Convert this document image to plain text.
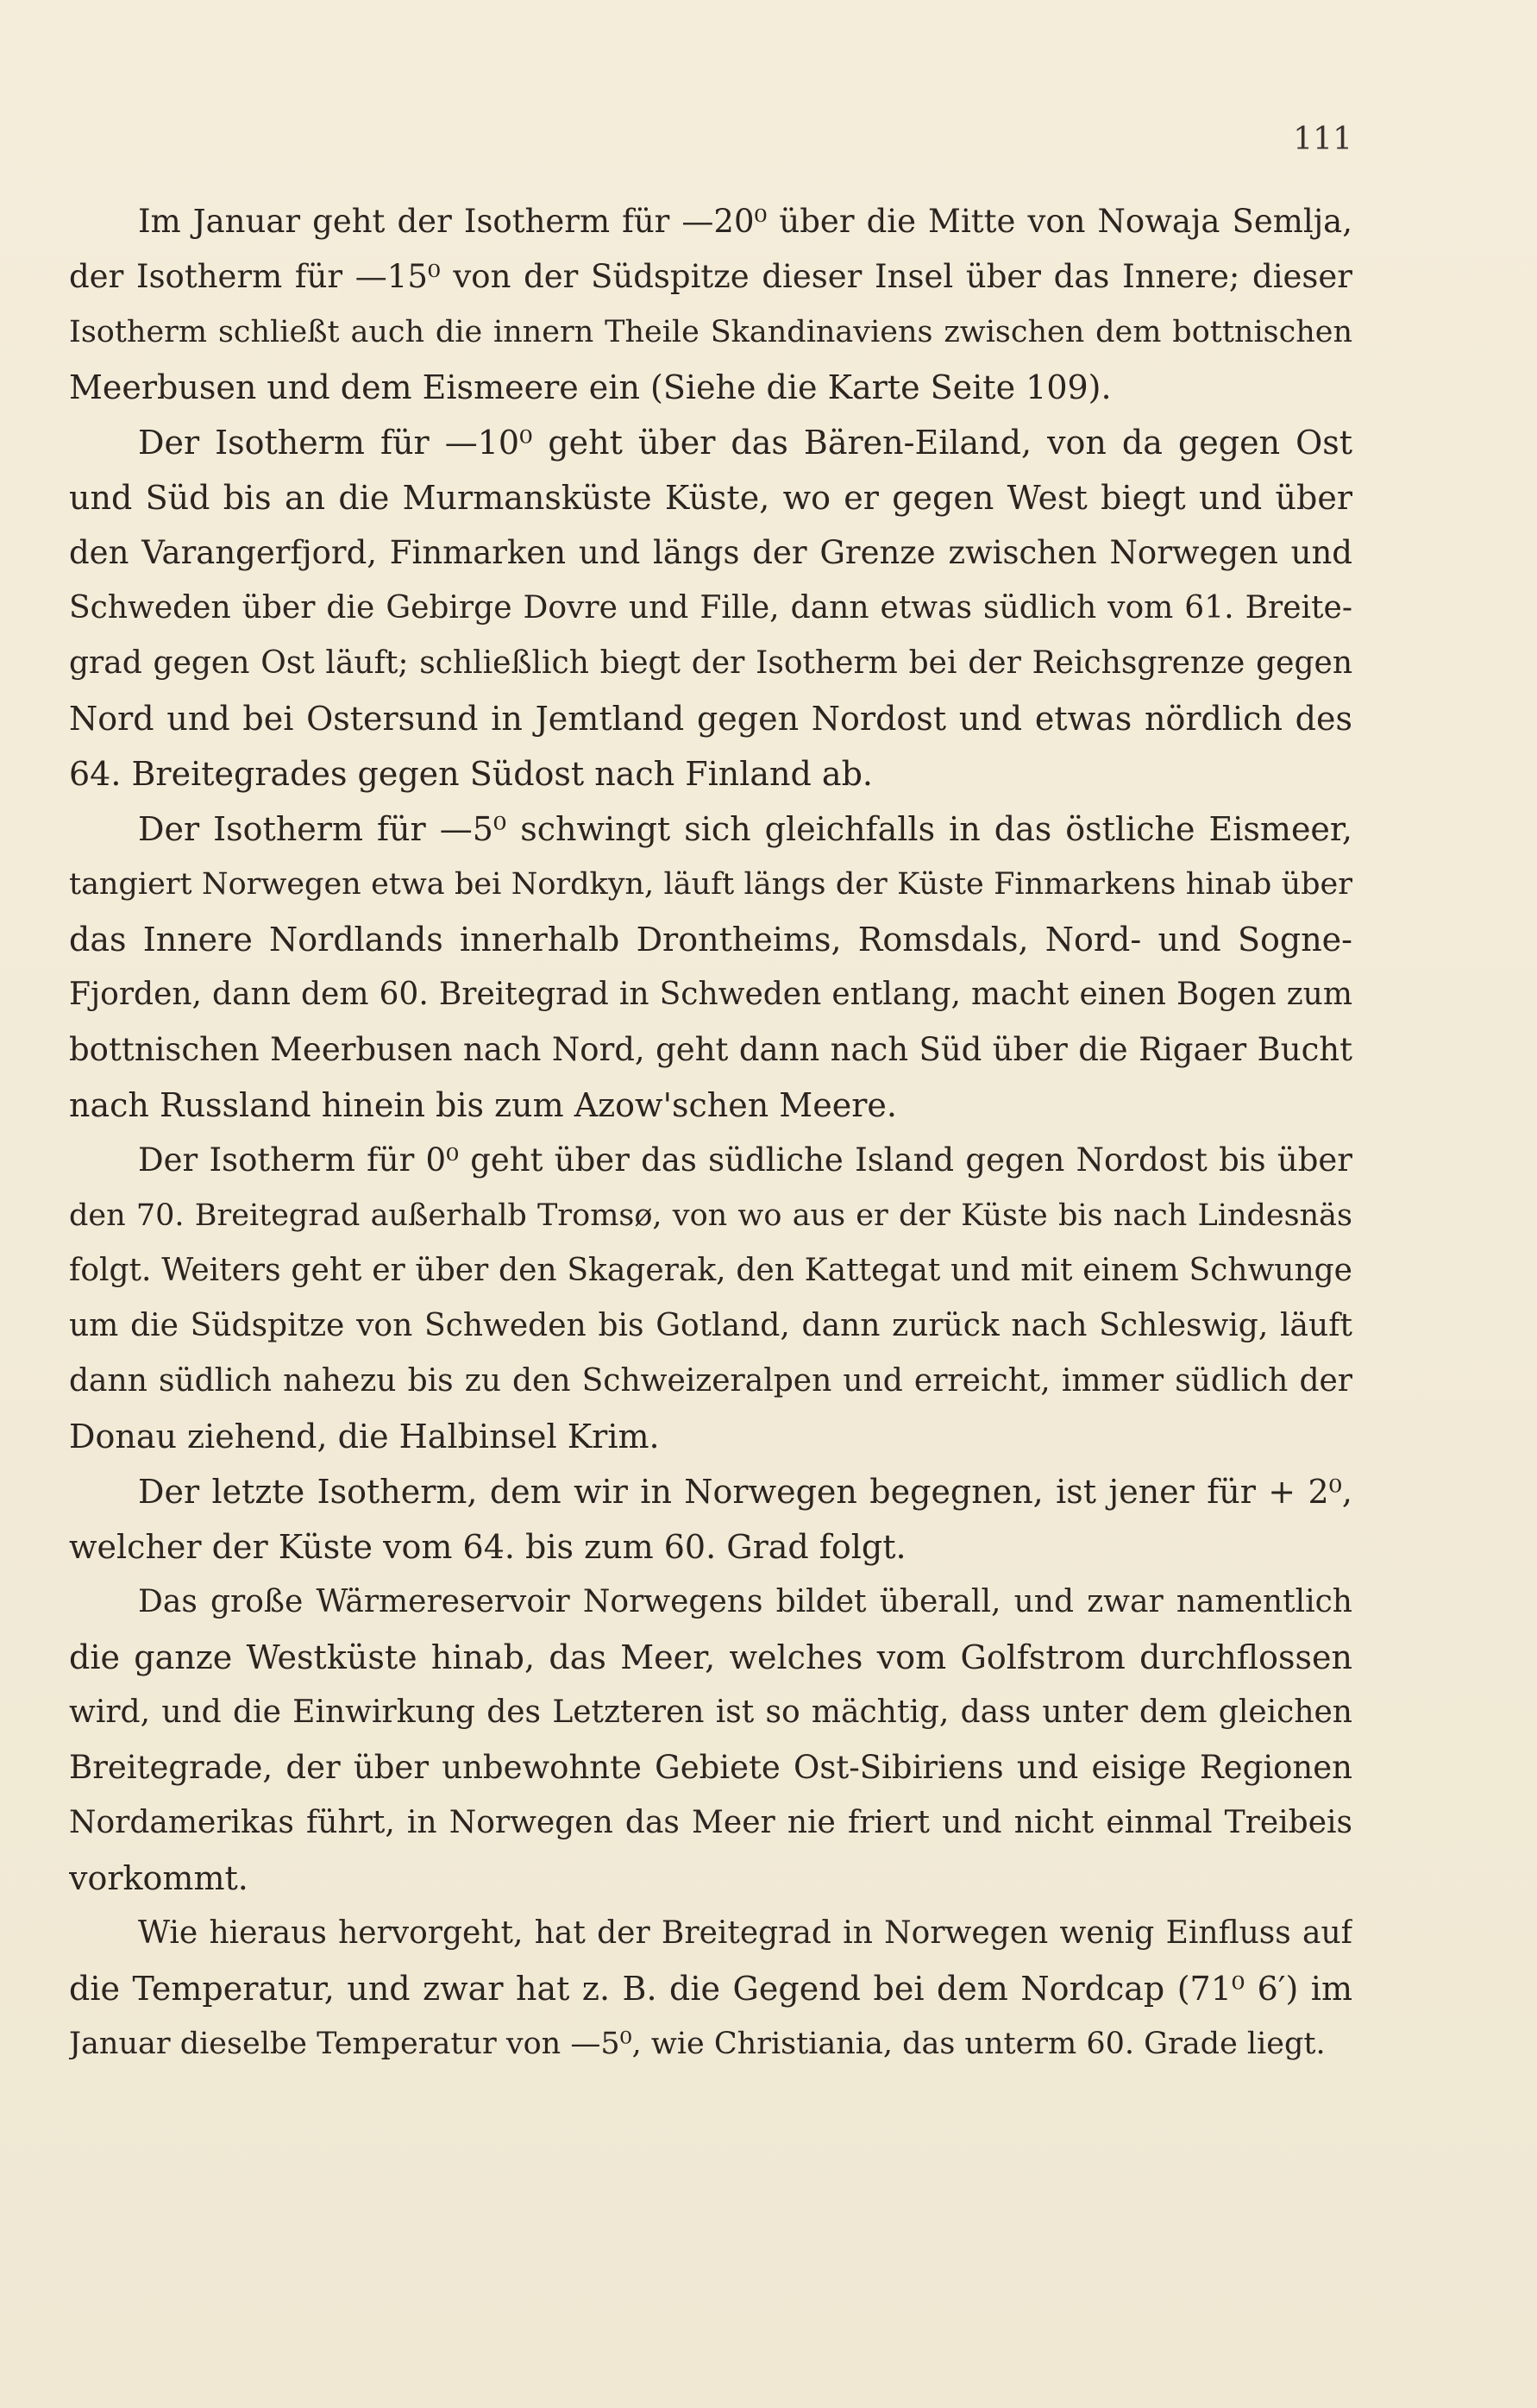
111

Im Januar geht der Isotherm für —20⁰ über die Mitte von Nowaja Semlja,
der Isotherm für —15⁰ von der Südspitze dieser Insel über das Innere; dieser
Isotherm schließt auch die innern Theile Skandinaviens zwischen dem bottnischen
Meerbusen und dem Eismeere ein (Siehe die Karte Seite 109).

Der Isotherm für —10⁰ geht über das Bären-Eiland, von da gegen Ost
und Süd bis an die Murmansküste Küste, wo er gegen West biegt und über
den Varangerfjord, Finmarken und längs der Grenze zwischen Norwegen und
Schweden über die Gebirge Dovre und Fille, dann etwas südlich vom 61. Breite-
grad gegen Ost läuft; schließlich biegt der Isotherm bei der Reichsgrenze gegen
Nord und bei Ostersund in Jemtland gegen Nordost und etwas nördlich des
64. Breitegrades gegen Südost nach Finland ab.

Der Isotherm für —5⁰ schwingt sich gleichfalls in das östliche Eismeer,
tangiert Norwegen etwa bei Nordkyn, läuft längs der Küste Finmarkens hinab über
das Innere Nordlands innerhalb Drontheims, Romsdals, Nord- und Sogne-
Fjorden, dann dem 60. Breitegrad in Schweden entlang, macht einen Bogen zum
bottnischen Meerbusen nach Nord, geht dann nach Süd über die Rigaer Bucht
nach Russland hinein bis zum Azow'schen Meere.

Der Isotherm für 0⁰ geht über das südliche Island gegen Nordost bis über
den 70. Breitegrad außerhalb Tromsø, von wo aus er der Küste bis nach Lindesnäs
folgt. Weiters geht er über den Skagerak, den Kattegat und mit einem Schwunge
um die Südspitze von Schweden bis Gotland, dann zurück nach Schleswig, läuft
dann südlich nahezu bis zu den Schweizeralpen und erreicht, immer südlich der
Donau ziehend, die Halbinsel Krim.

Der letzte Isotherm, dem wir in Norwegen begegnen, ist jener für + 2⁰,
welcher der Küste vom 64. bis zum 60. Grad folgt.

Das große Wärmereservoir Norwegens bildet überall, und zwar namentlich
die ganze Westküste hinab, das Meer, welches vom Golfstrom durchflossen
wird, und die Einwirkung des Letzteren ist so mächtig, dass unter dem gleichen
Breitegrade, der über unbewohnte Gebiete Ost-Sibiriens und eisige Regionen
Nordamerikas führt, in Norwegen das Meer nie friert und nicht einmal Treibeis
vorkommt.

Wie hieraus hervorgeht, hat der Breitegrad in Norwegen wenig Einfluss auf
die Temperatur, und zwar hat z. B. die Gegend bei dem Nordcap (71⁰ 6′) im
Januar dieselbe Temperatur von —5⁰, wie Christiania, das unterm 60. Grade liegt.
